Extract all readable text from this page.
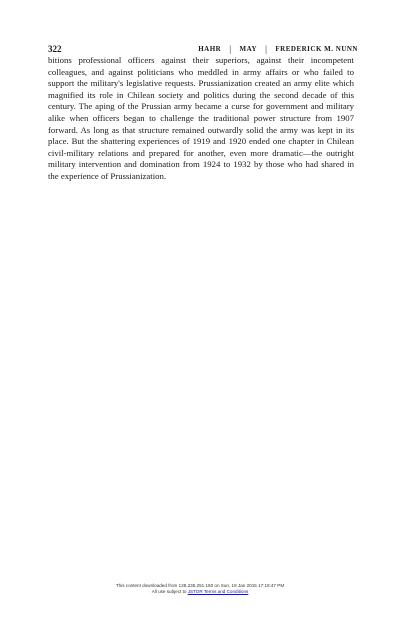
322	HAHR | MAY | FREDERICK M. NUNN

bitions professional officers against their superiors, against their incompetent colleagues, and against politicians who meddled in army affairs or who failed to support the military's legislative requests. Prussianization created an army elite which magnified its role in Chilean society and politics during the second decade of this century. The aping of the Prussian army became a curse for government and military alike when officers began to challenge the traditional power structure from 1907 forward. As long as that structure remained outwardly solid the army was kept in its place. But the shattering experiences of 1919 and 1920 ended one chapter in Chilean civil-military relations and prepared for another, even more dramatic—the outright military intervention and domination from 1924 to 1932 by those who had shared in the experience of Prussianization.

This content downloaded from 128.235.251.160 on Sun, 18 Jan 2015 17:18:47 PM
All use subject to JSTOR Terms and Conditions
